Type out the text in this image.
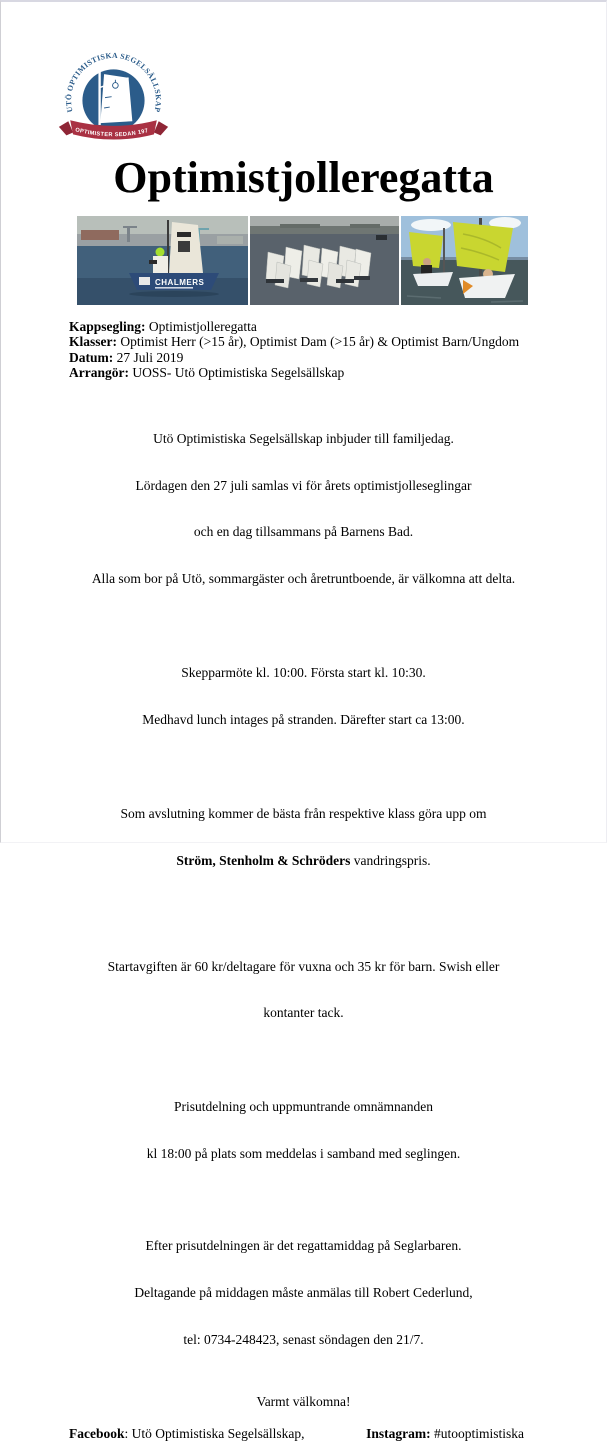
UTÖ OPTIMISTISKA SEGELSÄLLSKAP
OPTIMISTER SEDAN 197
Optimistjolleregatta
CHALMERS
Kappsegling: Optimistjolleregatta
Klasser: Optimist Herr (>15 år), Optimist Dam (>15 år) & Optimist Barn/Ungdom
Datum: 27 Juli 2019
Arrangör: UOSS- Utö Optimistiska Segelsällskap

Utö Optimistiska Segelsällskap inbjuder till familjedag.

Lördagen den 27 juli samlas vi för årets optimistjolleseglingar

och en dag tillsammans på Barnens Bad.

Alla som bor på Utö, sommargäster och åretruntboende, är välkomna att delta.

Skepparmöte kl. 10:00. Första start kl. 10:30.

Medhavd lunch intages på stranden. Därefter start ca 13:00.

Som avslutning kommer de bästa från respektive klass göra upp om

Ström, Stenholm & Schröders vandringspris.

Startavgiften är 60 kr/deltagare för vuxna och 35 kr för barn. Swish eller

kontanter tack.

Prisutdelning och uppmuntrande omnämnanden

kl 18:00 på plats som meddelas i samband med seglingen.

Efter prisutdelningen är det regattamiddag på Seglarbaren.

Deltagande på middagen måste anmälas till Robert Cederlund,

tel: 0734-248423, senast söndagen den 21/7.

Varmt välkomna!

Facebook: Utö Optimistiska Segelsällskap,	Instagram: #utooptimistiska
